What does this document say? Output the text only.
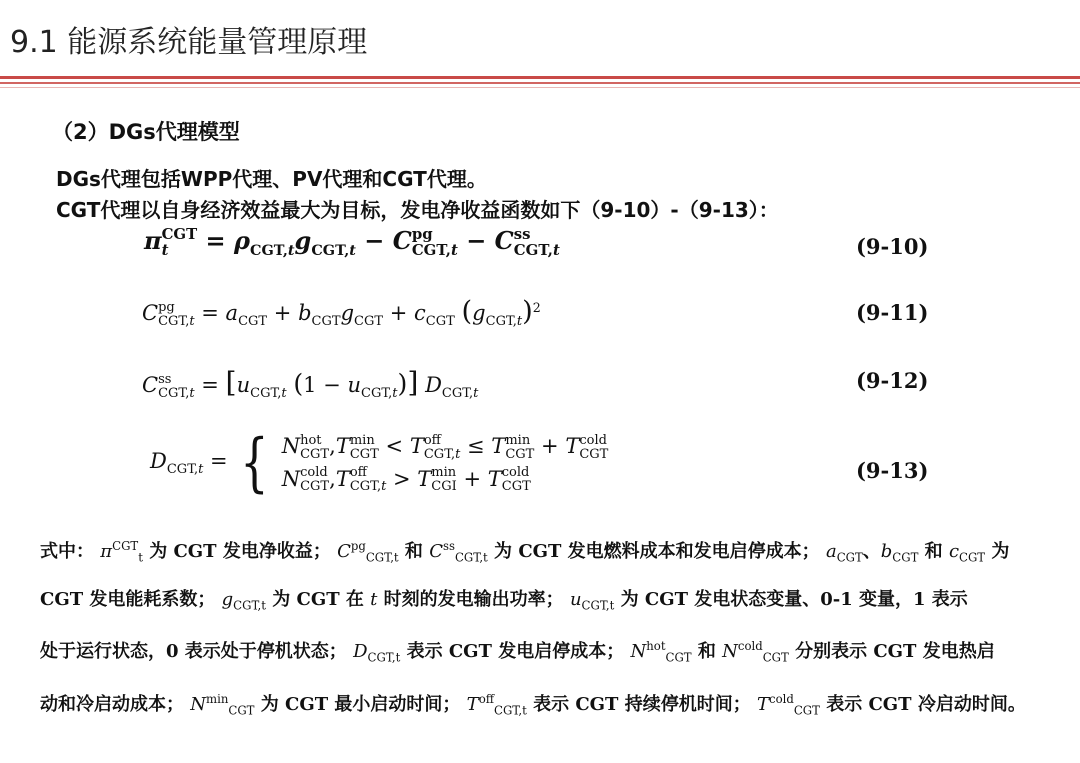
9.1 能源系统能量管理原理
（2）DGs代理模型
DGs代理包括WPP代理、PV代理和CGT代理。
CGT代理以自身经济效益最大为目标，发电净收益函数如下（9-10）-（9-13）：
π CGT
t	= $\rho_{CGT,t}g_{CGT,t} - C$ pg
CGT,t − C ss
CGT,t	(9-10)
C pg
$CGT,t = a_{CGT} + b_{CGT}g_{CGT} + c_{CGT}$ $(g_{CGT,t})^2$	(9-11)
C ss
$CGT,t = [u_{CGT,t}$ $(1 - u_{CGT,t})$] $D_{CGT,t}$
(9-12)
$D_{CGT,t}$ = { N hot
CGT ,T min
CGT < T off
CGT,t ≤ T min
CGT + T cold
CGT
N cold
CGT ,T off
CGT,t > T min
CGI + T cold
CGT
(9-13)
式中： $\pi^{CGT}_t$ 为 CGT 发电净收益； $C^{pg}_{CGT,t}$ 和 $C^{ss}_{CGT,t}$ 为 CGT 发电燃料成本和发电启停成本； $a_{CGT}$、$b_{CGT}$ 和 $c_{CGT}$ 为
CGT 发电能耗系数； $g_{CGT,t}$ 为 CGT 在 t 时刻的发电输出功率； $u_{CGT,t}$ 为 CGT 发电状态变量、0-1 变量，1 表示
处于运行状态，0 表示处于停机状态； $D_{CGT,t}$ 表示 CGT 发电启停成本； $N^{hot}_{CGT}$ 和 $N^{cold}_{CGT}$ 分别表示 CGT 发电热启
动和冷启动成本； $N^{min}_{CGT}$ 为 CGT 最小启动时间； $T^{off}_{CGT,t}$ 表示 CGT 持续停机时间； $T^{cold}_{CGT}$ 表示 CGT 冷启动时间。
